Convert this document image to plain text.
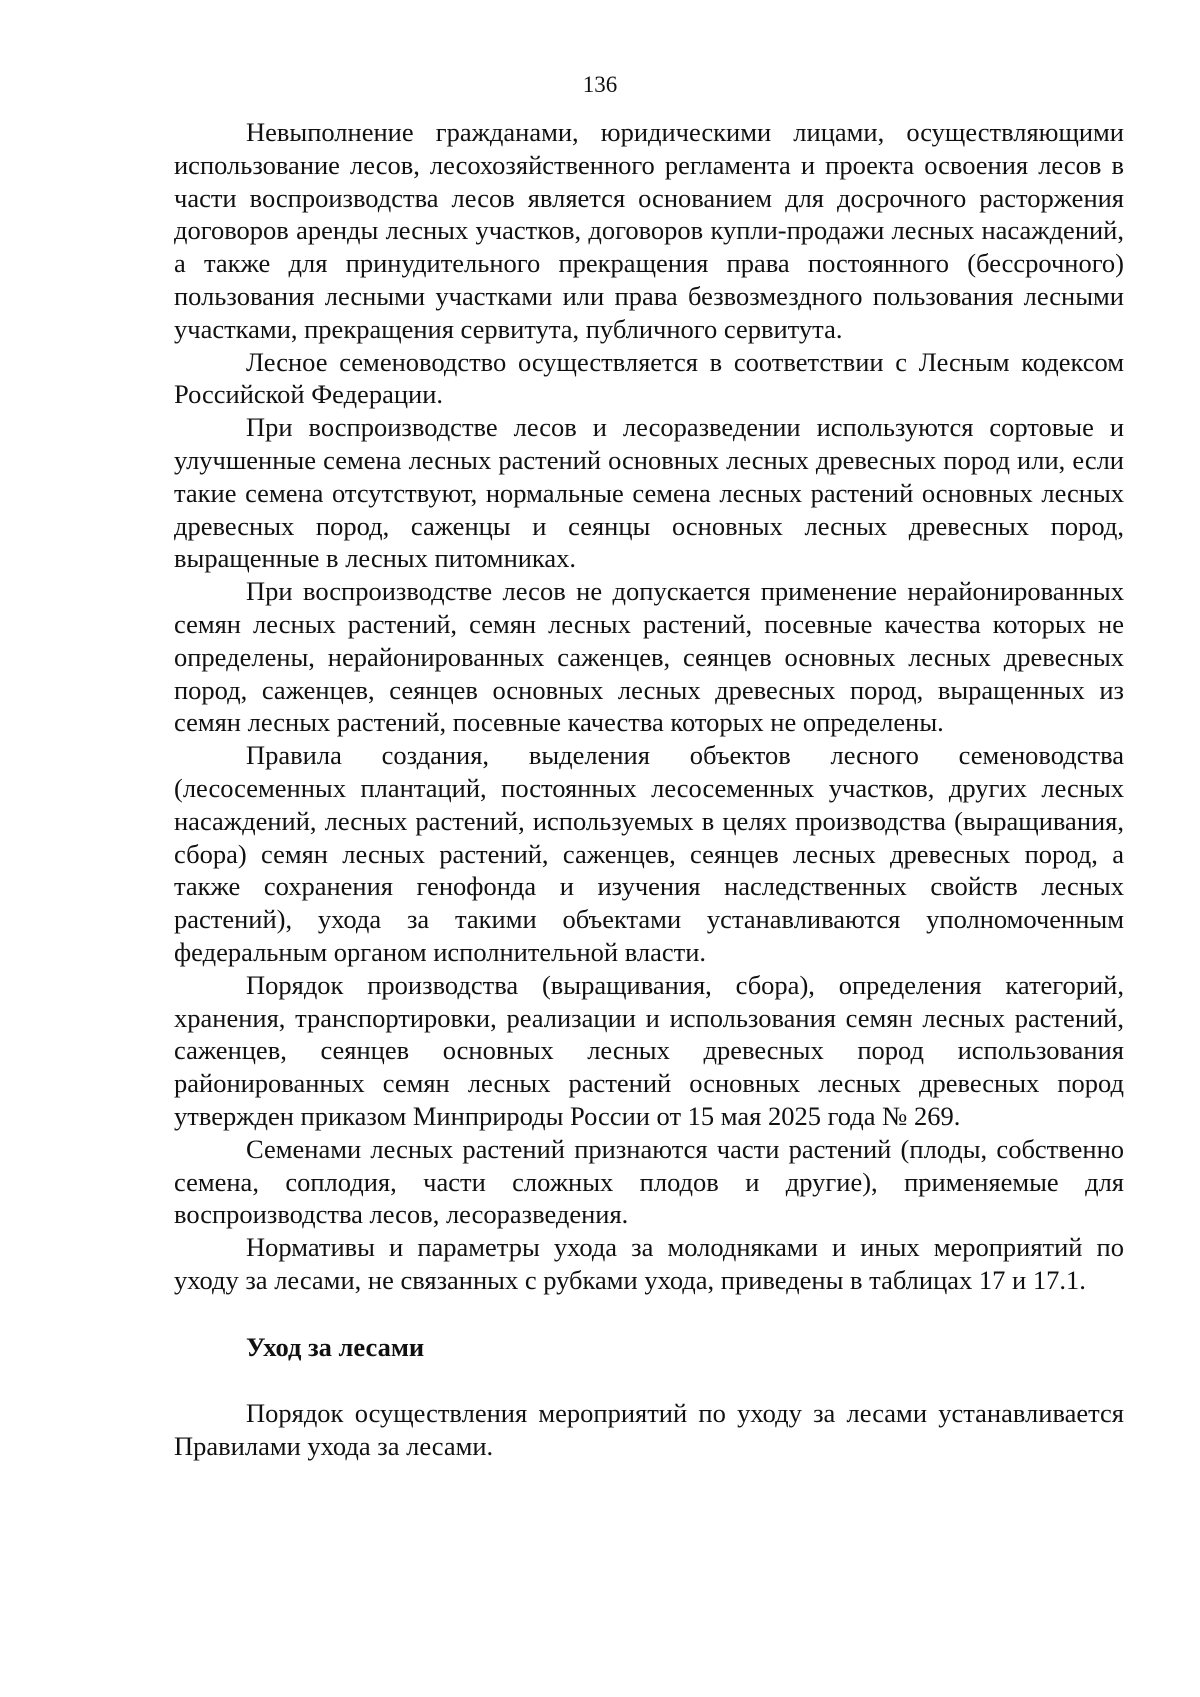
136

Невыполнение гражданами, юридическими лицами, осуществляющими использование лесов, лесохозяйственного регламента и проекта освоения лесов в части воспроизводства лесов является основанием для досрочного расторжения договоров аренды лесных участков, договоров купли-продажи лесных насаждений, а также для принудительного прекращения права постоянного (бессрочного) пользования лесными участками или права безвозмездного пользования лесными участками, прекращения сервитута, публичного сервитута.

Лесное семеноводство осуществляется в соответствии с Лесным кодексом Российской Федерации.

При воспроизводстве лесов и лесоразведении используются сортовые и улучшенные семена лесных растений основных лесных древесных пород или, если такие семена отсутствуют, нормальные семена лесных растений основных лесных древесных пород, саженцы и сеянцы основных лесных древесных пород, выращенные в лесных питомниках.

При воспроизводстве лесов не допускается применение нерайонированных семян лесных растений, семян лесных растений, посевные качества которых не определены, нерайонированных саженцев, сеянцев основных лесных древесных пород, саженцев, сеянцев основных лесных древесных пород, выращенных из семян лесных растений, посевные качества которых не определены.

Правила создания, выделения объектов лесного семеноводства (лесосеменных плантаций, постоянных лесосеменных участков, других лесных насаждений, лесных растений, используемых в целях производства (выращивания, сбора) семян лесных растений, саженцев, сеянцев лесных древесных пород, а также сохранения генофонда и изучения наследственных свойств лесных растений), ухода за такими объектами устанавливаются уполномоченным федеральным органом исполнительной власти.

Порядок производства (выращивания, сбора), определения категорий, хранения, транспортировки, реализации и использования семян лесных растений, саженцев, сеянцев основных лесных древесных пород использования районированных семян лесных растений основных лесных древесных пород утвержден приказом Минприроды России от 15 мая 2025 года № 269.

Семенами лесных растений признаются части растений (плоды, собственно семена, соплодия, части сложных плодов и другие), применяемые для воспроизводства лесов, лесоразведения.

Нормативы и параметры ухода за молодняками и иных мероприятий по уходу за лесами, не связанных с рубками ухода, приведены в таблицах 17 и 17.1.

Уход за лесами

Порядок осуществления мероприятий по уходу за лесами устанавливается Правилами ухода за лесами.
